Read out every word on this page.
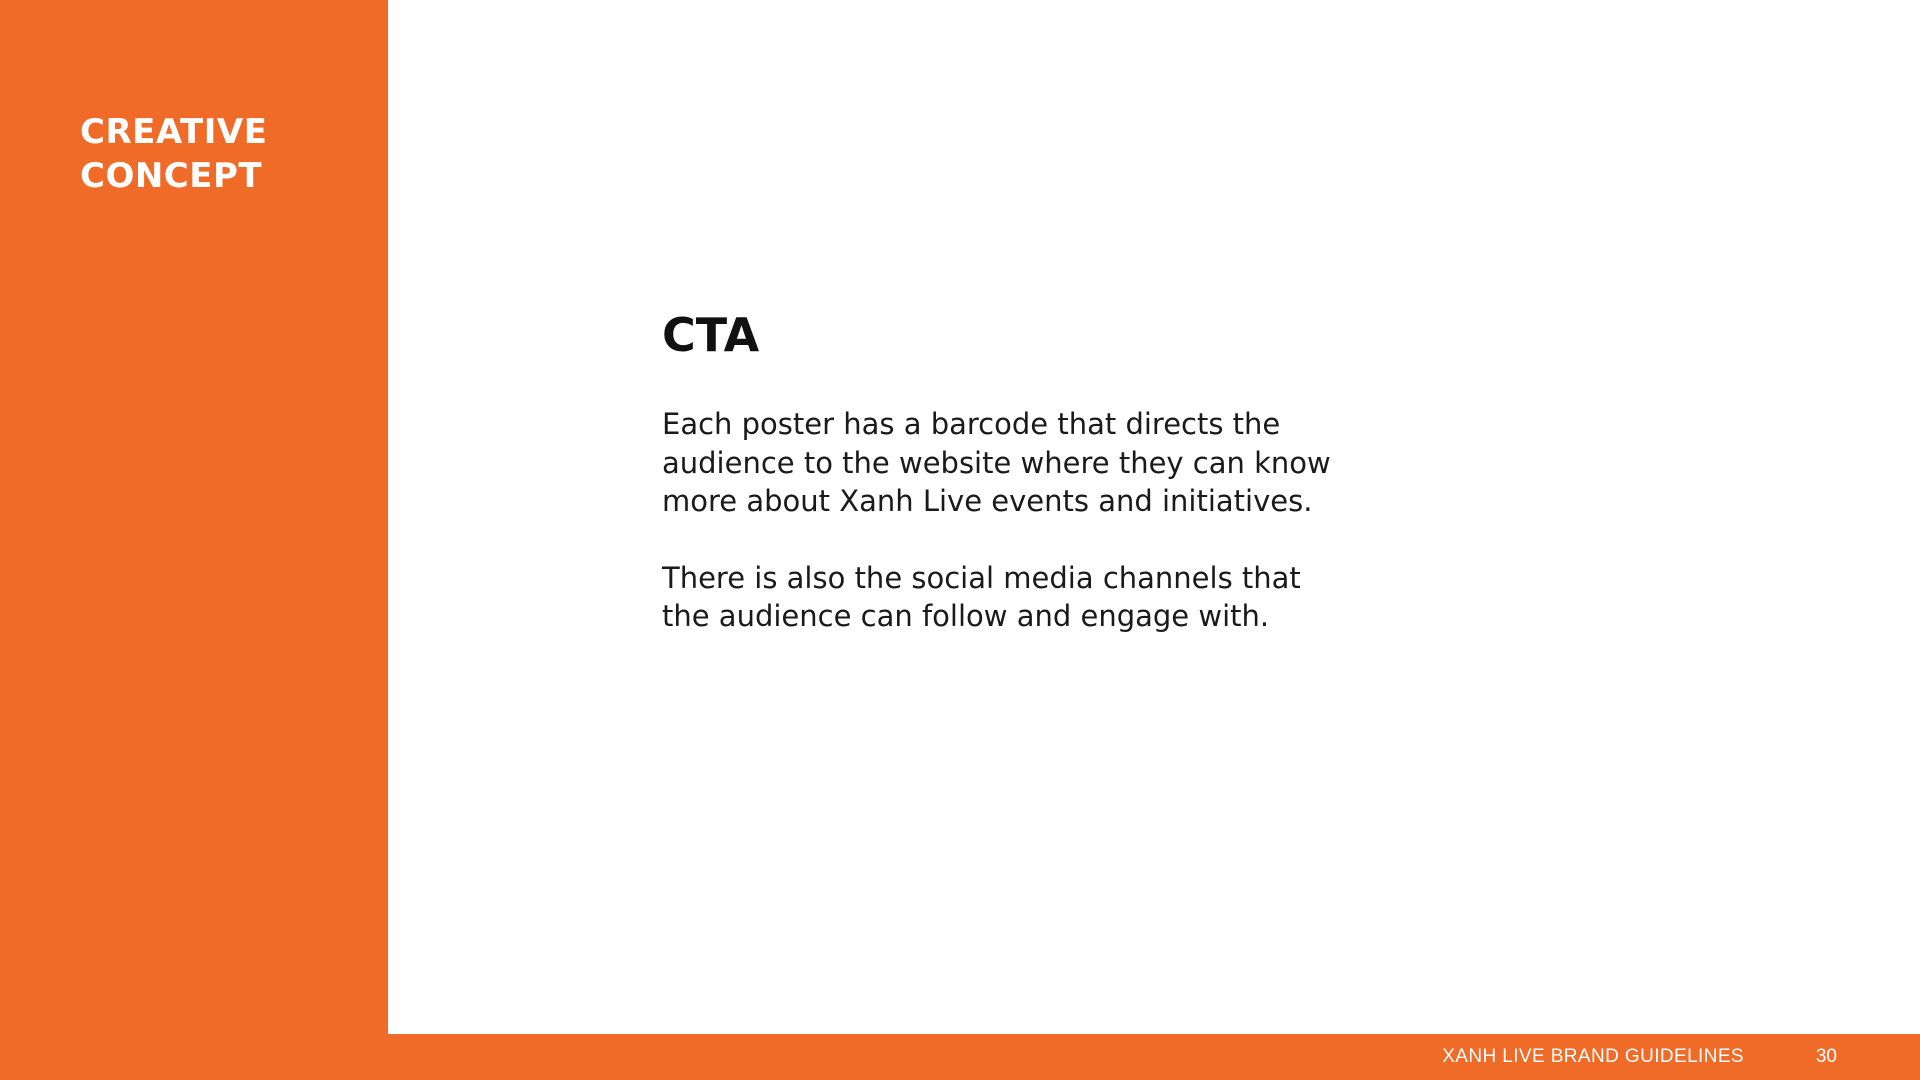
CREATIVE
CONCEPT
CTA

Each poster has a barcode that directs the
audience to the website where they can know
more about Xanh Live events and initiatives.

There is also the social media channels that
the audience can follow and engage with.

XANH LIVE BRAND GUIDELINES	30
